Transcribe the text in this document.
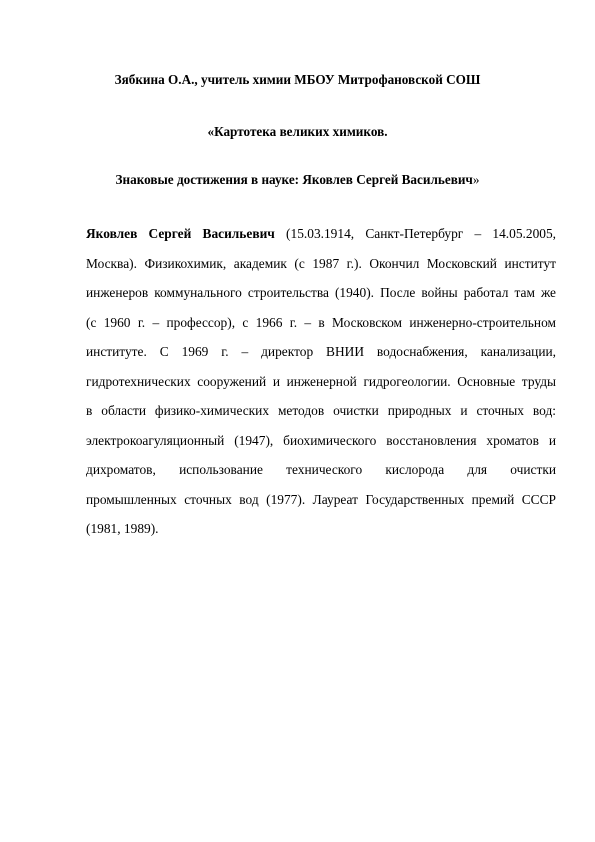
Зябкина О.А., учитель химии МБОУ Митрофановской СОШ
«Картотека великих химиков.
Знаковые достижения в науке: Яковлев Сергей Васильевич»
Яковлев Сергей Васильевич (15.03.1914, Санкт-Петербург – 14.05.2005,
Москва). Физикохимик, академик (с 1987 г.). Окончил Московский институт
инженеров коммунального строительства (1940). После войны работал там же
(с 1960 г. – профессор), с 1966 г. – в Московском инженерно-строительном
институте. С 1969 г. – директор ВНИИ водоснабжения, канализации,
гидротехнических сооружений и инженерной гидрогеологии. Основные труды
в области физико-химических методов очистки природных и сточных вод:
электрокоагуляционный (1947), биохимического восстановления хроматов и
дихроматов, использование технического кислорода для очистки
промышленных сточных вод (1977). Лауреат Государственных премий СССР
(1981, 1989).
